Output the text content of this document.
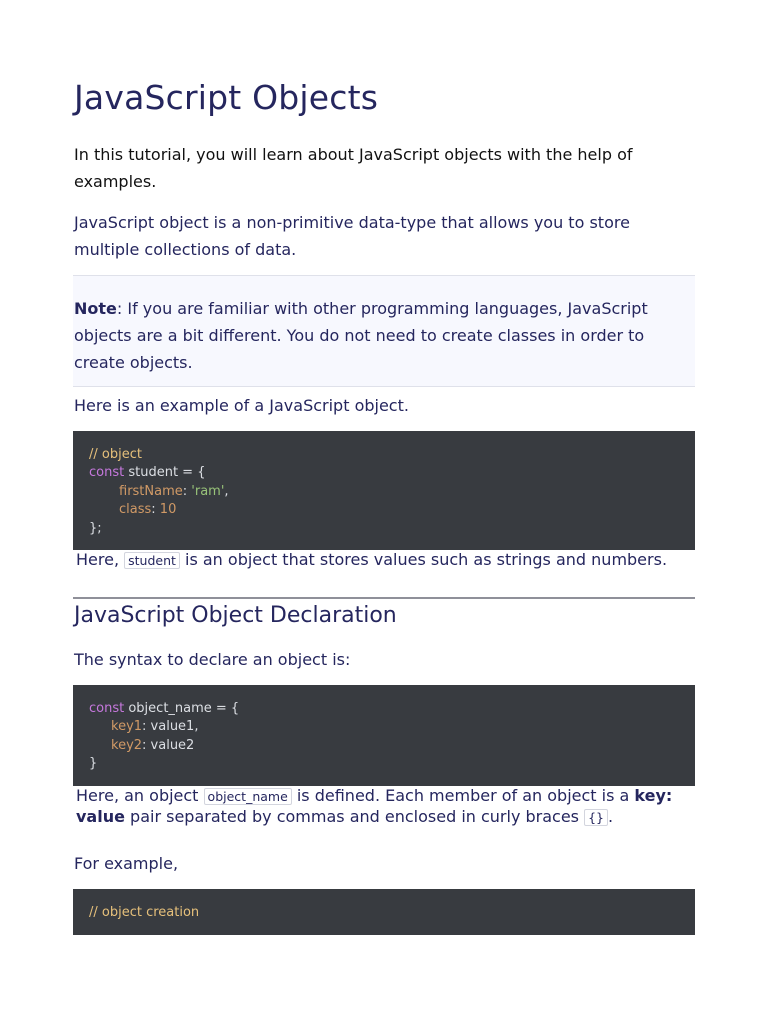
JavaScript Objects

In this tutorial, you will learn about JavaScript objects with the help of examples.

JavaScript object is a non-primitive data-type that allows you to store multiple collections of data.

Note: If you are familiar with other programming languages, JavaScript objects are a bit different. You do not need to create classes in order to create objects.

Here is an example of a JavaScript object.

// object
const student = {
firstName: 'ram',
class: 10
};

Here, student is an object that stores values such as strings and numbers.

JavaScript Object Declaration

The syntax to declare an object is:

const object_name = {
key1: value1,
key2: value2
}

Here, an object object_name is defined. Each member of an object is a key: value pair separated by commas and enclosed in curly braces {} .

For example,

// object creation
